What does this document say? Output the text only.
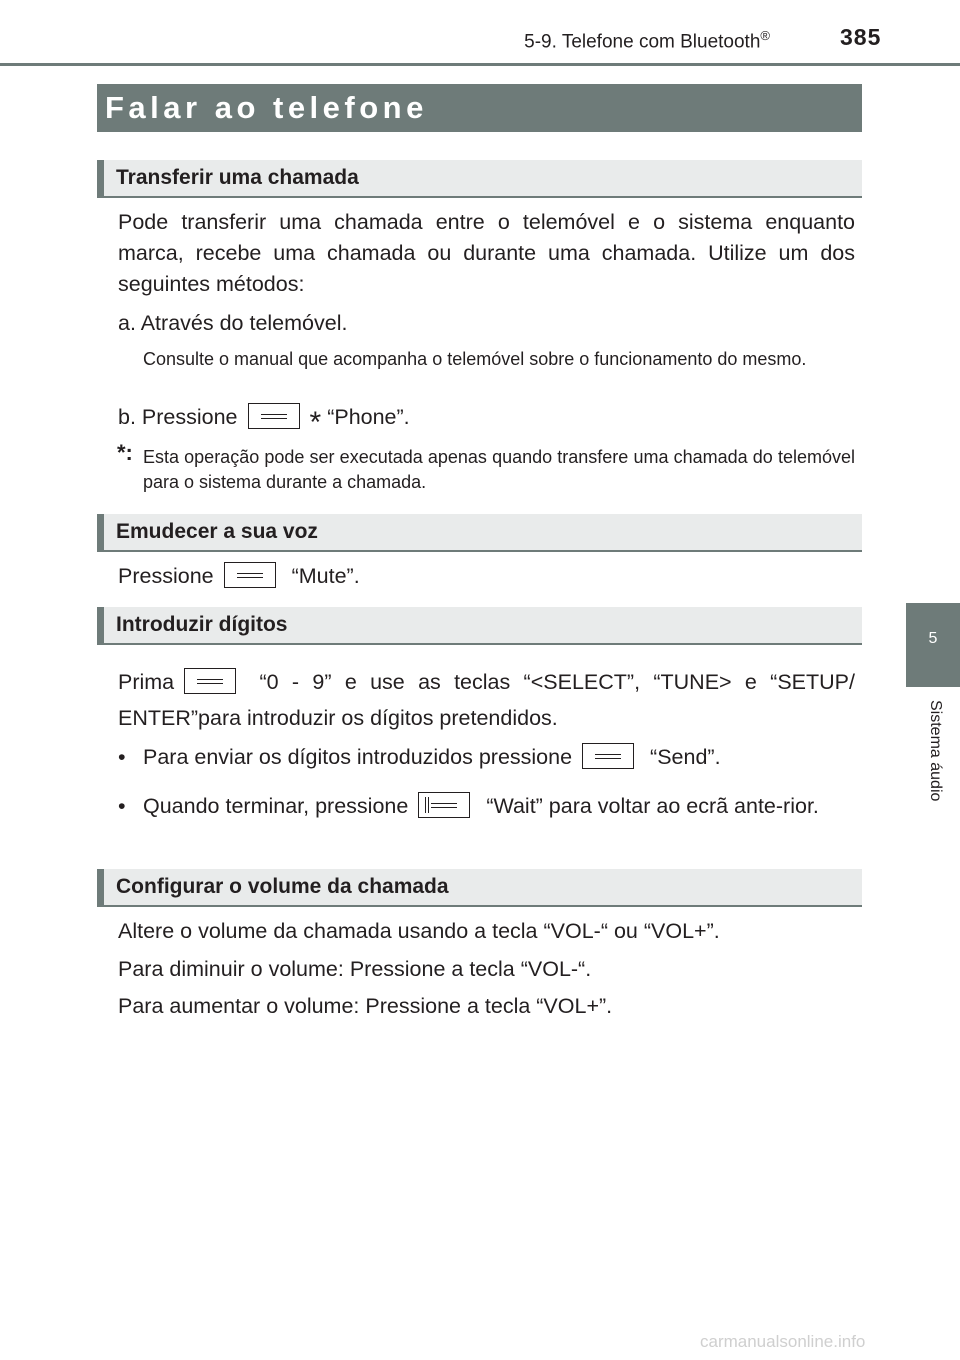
5-9. Telefone com Bluetooth®	385
5
Sistema áudio
Falar ao telefone
Transferir uma chamada
Pode transferir uma chamada entre o telemóvel e o sistema enquanto marca, recebe uma chamada ou durante uma chamada. Utilize um dos seguintes métodos:
a. Através do telemóvel.
Consulte o manual que acompanha o telemóvel sobre o funcionamento do mesmo.
b. Pressione * “Phone”.
*: Esta operação pode ser executada apenas quando transfere uma chamada do telemóvel para o sistema durante a chamada.
Emudecer a sua voz
Pressione	“Mute”.
Introduzir dígitos
Prima	“0 - 9” e use as teclas “<SELECT”, “TUNE> e “SETUP/ ENTER”para introduzir os dígitos pretendidos.
• Para enviar os dígitos introduzidos pressione	“Send”.
• Quando terminar, pressione	“Wait” para voltar ao ecrã ante-rior.
Configurar o volume da chamada
Altere o volume da chamada usando a tecla “VOL-“ ou “VOL+”.
Para diminuir o volume: Pressione a tecla “VOL-“.
Para aumentar o volume: Pressione a tecla “VOL+”.
carmanualsonline.info
